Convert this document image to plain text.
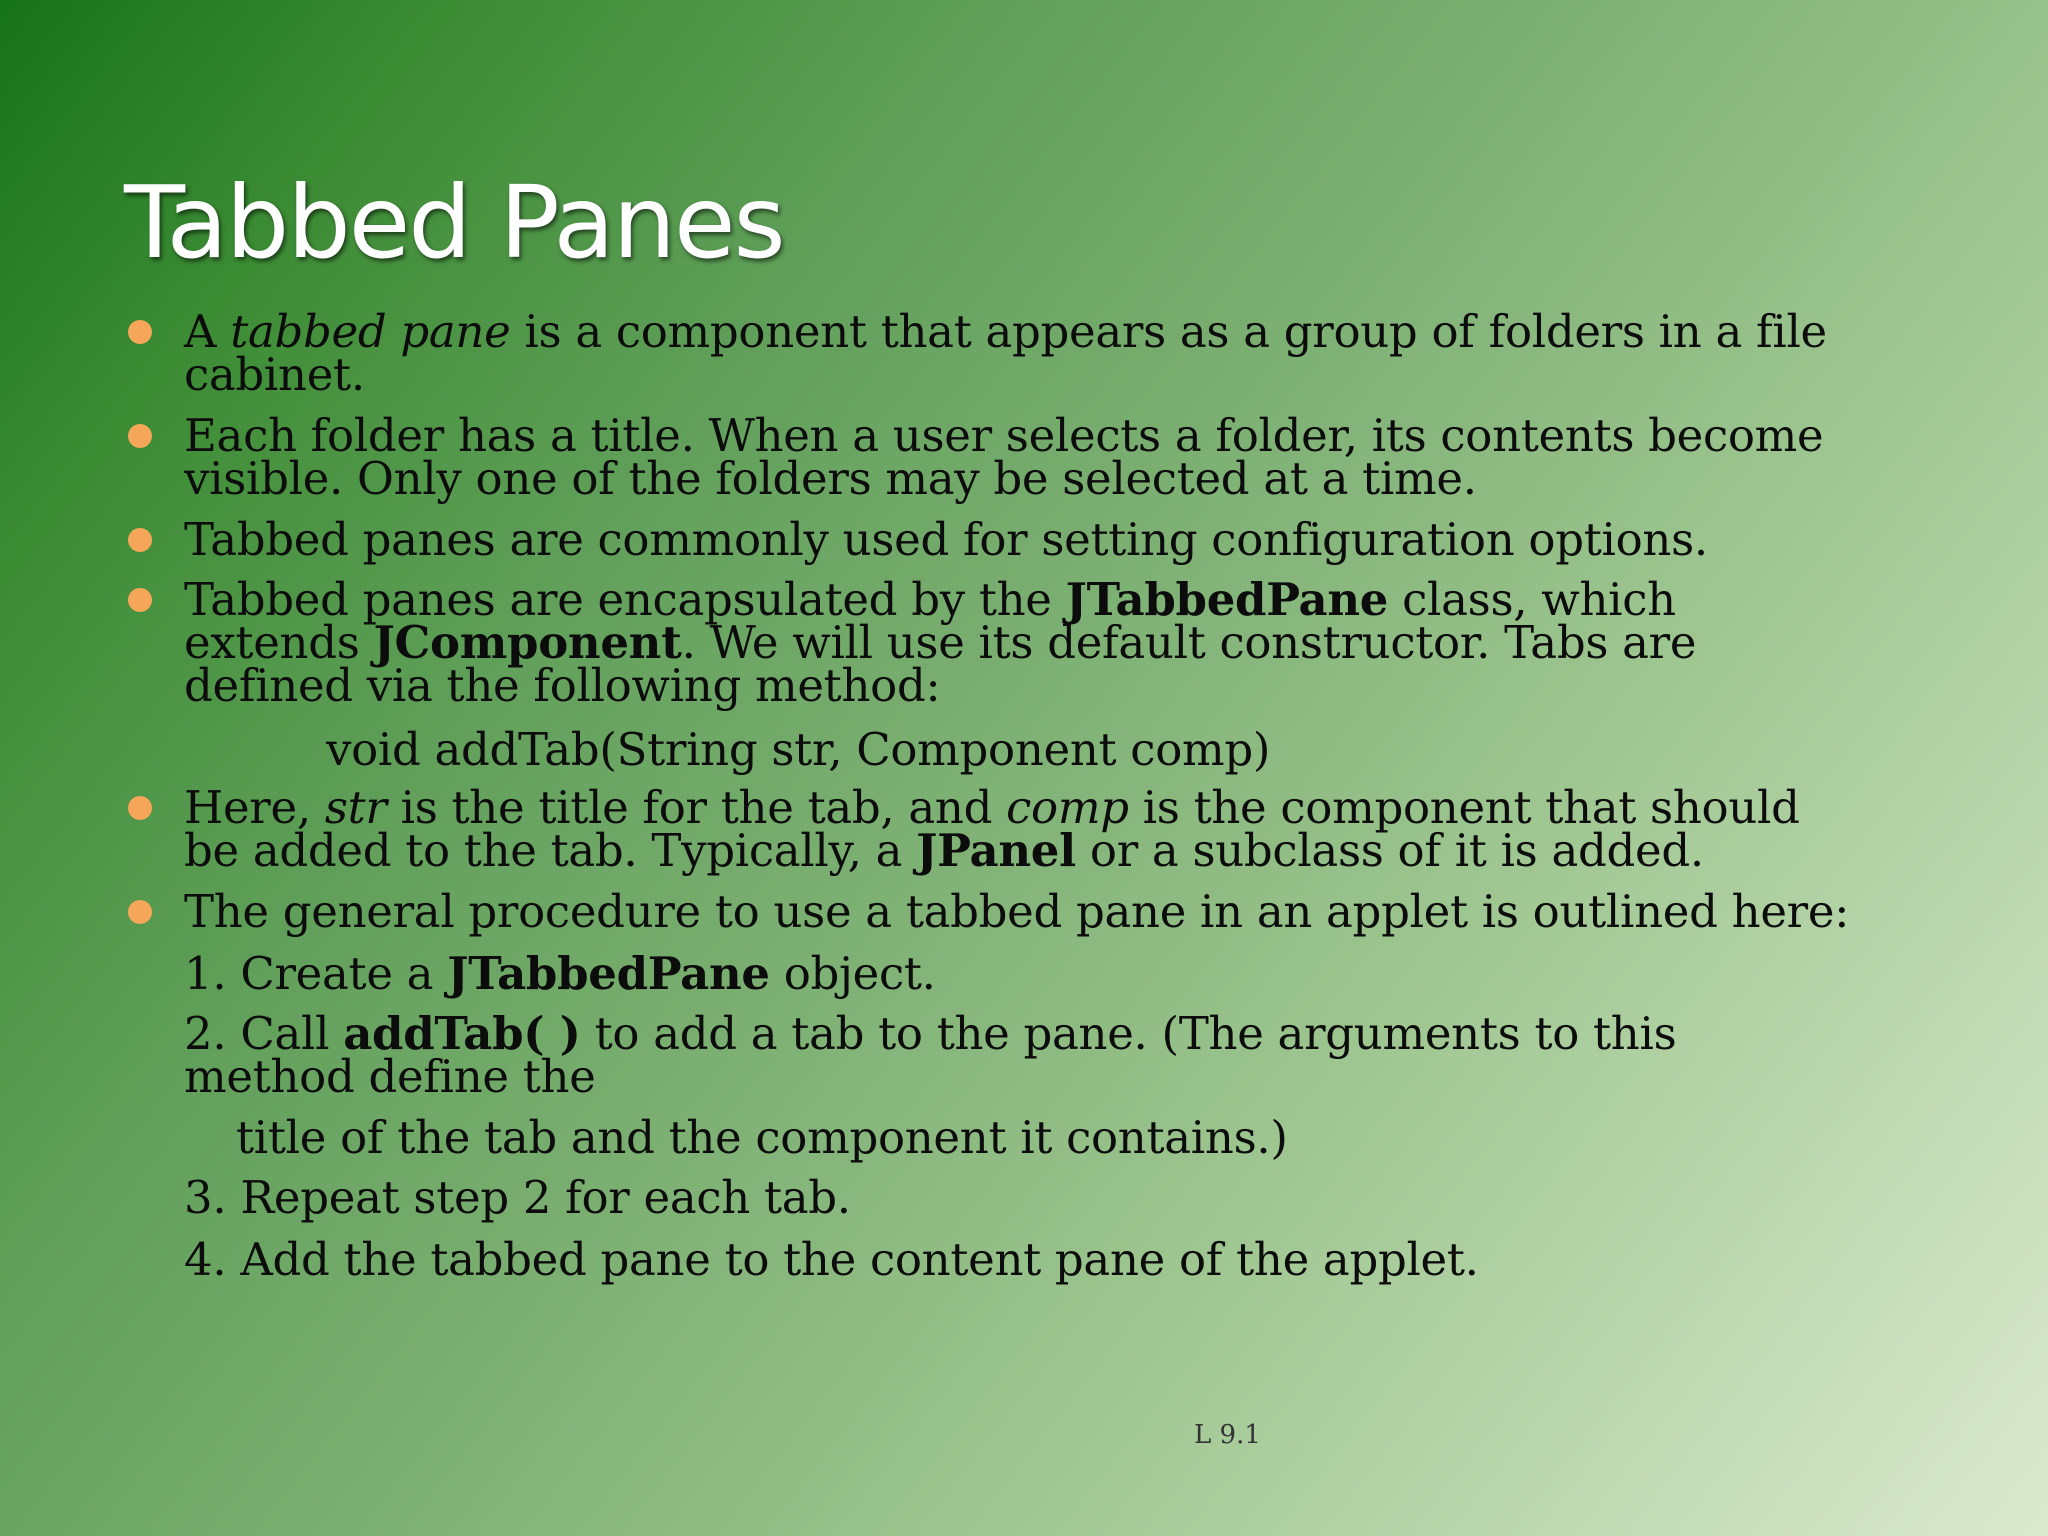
Tabbed Panes
A tabbed pane is a component that appears as a group of folders in a file cabinet.
Each folder has a title. When a user selects a folder, its contents become visible. Only one of the folders may be selected at a time.
Tabbed panes are commonly used for setting configuration options.
Tabbed panes are encapsulated by the JTabbedPane class, which extends JComponent. We will use its default constructor. Tabs are defined via the following method:
void addTab(String str, Component comp)
Here, str is the title for the tab, and comp is the component that should be added to the tab. Typically, a JPanel or a subclass of it is added.
The general procedure to use a tabbed pane in an applet is outlined here:
1. Create a JTabbedPane object.
2. Call addTab( ) to add a tab to the pane. (The arguments to this method define the
title of the tab and the component it contains.)
3. Repeat step 2 for each tab.
4. Add the tabbed pane to the content pane of the applet.
L 9.1
